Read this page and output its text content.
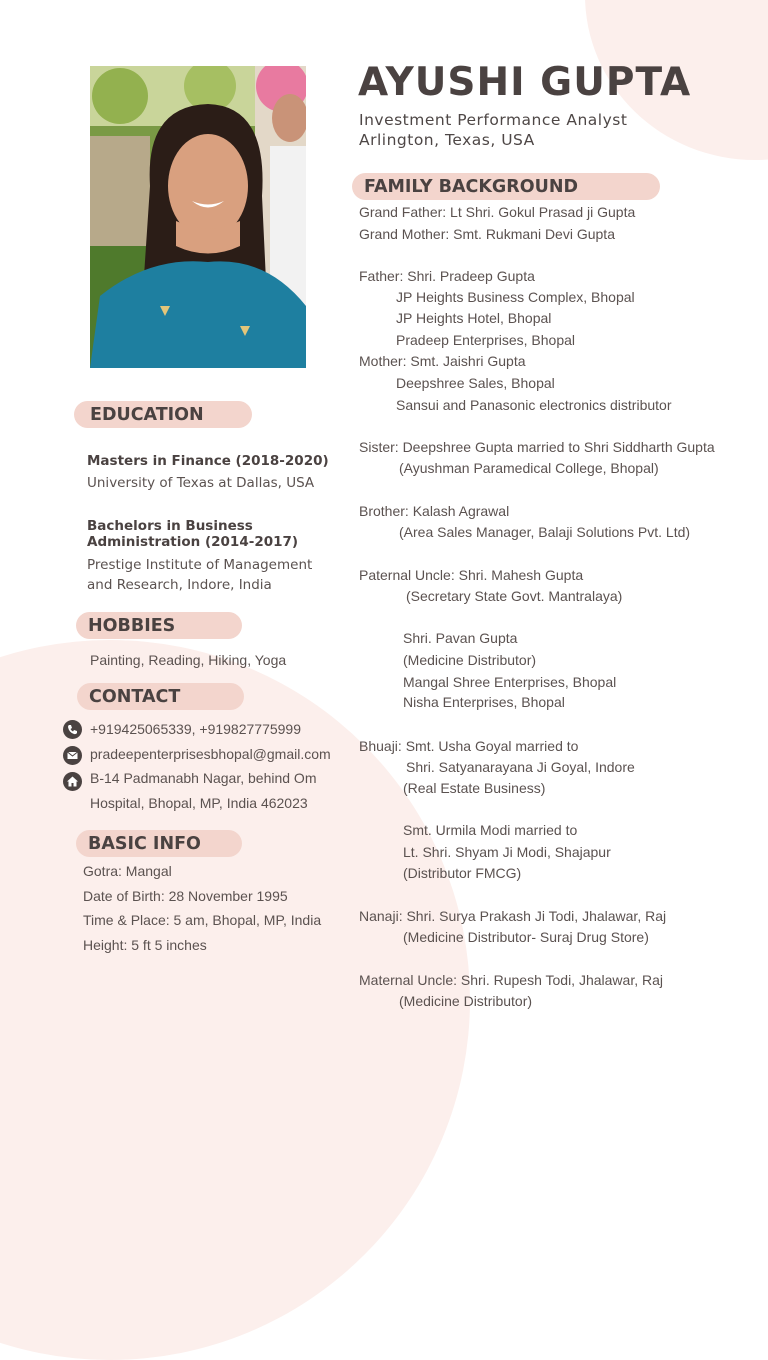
AYUSHI GUPTA
Investment Performance Analyst
Arlington, Texas, USA
FAMILY BACKGROUND
Grand Father: Lt Shri. Gokul Prasad ji Gupta
Grand Mother: Smt. Rukmani Devi Gupta
Father: Shri. Pradeep Gupta
JP Heights Business Complex, Bhopal
JP Heights Hotel, Bhopal
Pradeep Enterprises, Bhopal
Mother: Smt. Jaishri Gupta
Deepshree Sales, Bhopal
Sansui and Panasonic electronics distributor
Sister: Deepshree Gupta married to Shri Siddharth Gupta
(Ayushman Paramedical College, Bhopal)
Brother: Kalash Agrawal
(Area Sales Manager, Balaji Solutions Pvt. Ltd)
Paternal Uncle: Shri. Mahesh Gupta
(Secretary State Govt. Mantralaya)
Shri. Pavan Gupta
(Medicine Distributor)
Mangal Shree Enterprises, Bhopal
Nisha Enterprises, Bhopal
Bhuaji: Smt. Usha Goyal married to
Shri. Satyanarayana Ji Goyal, Indore
(Real Estate Business)
Smt. Urmila Modi married to
Lt. Shri. Shyam Ji Modi, Shajapur
(Distributor FMCG)
Nanaji: Shri. Surya Prakash Ji Todi, Jhalawar, Raj
(Medicine Distributor- Suraj Drug Store)
Maternal Uncle: Shri. Rupesh Todi, Jhalawar, Raj
(Medicine Distributor)
EDUCATION
Masters in Finance (2018-2020)
University of Texas at Dallas, USA
Bachelors in Business
Administration (2014-2017)
Prestige Institute of Management
and Research, Indore, India
HOBBIES
Painting, Reading, Hiking, Yoga
CONTACT
+919425065339, +919827775999
pradeepenterprisesbhopal@gmail.com
B-14 Padmanabh Nagar, behind Om
Hospital, Bhopal, MP, India 462023
BASIC INFO
Gotra: Mangal
Date of Birth: 28 November 1995
Time & Place: 5 am, Bhopal, MP, India
Height: 5 ft 5 inches
